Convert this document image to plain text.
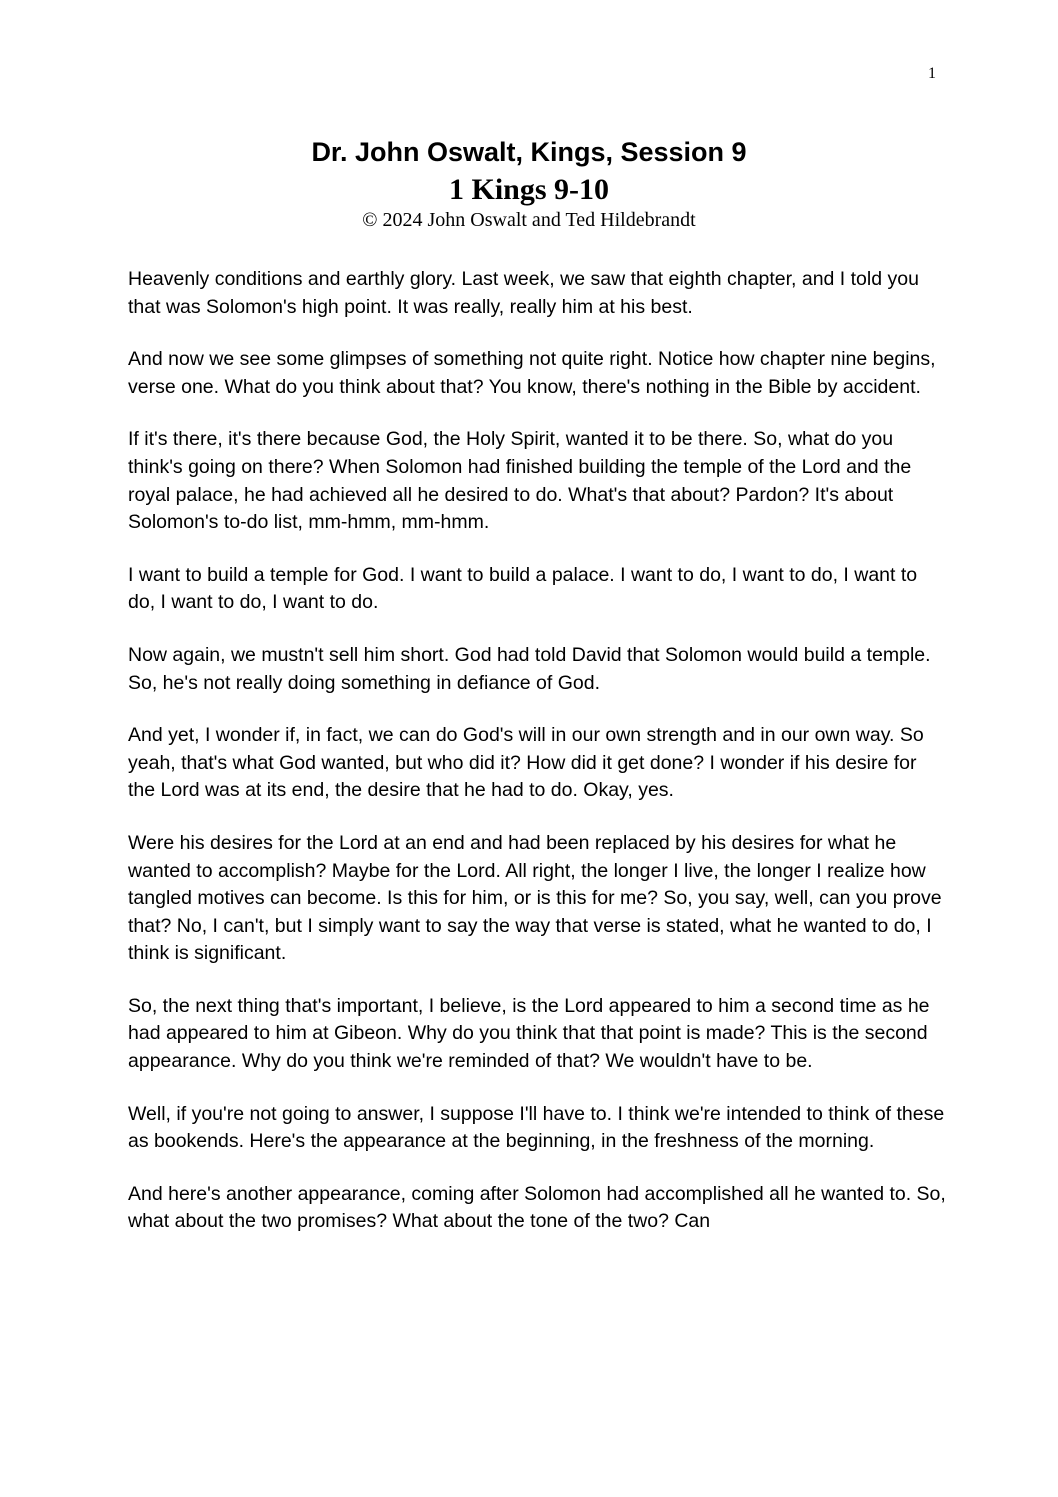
1
Dr. John Oswalt, Kings, Session 9
1 Kings 9-10
© 2024 John Oswalt and Ted Hildebrandt

Heavenly conditions and earthly glory. Last week, we saw that eighth chapter, and I told you that was Solomon's high point. It was really, really him at his best.

And now we see some glimpses of something not quite right. Notice how chapter nine begins, verse one. What do you think about that? You know, there's nothing in the Bible by accident.

If it's there, it's there because God, the Holy Spirit, wanted it to be there. So, what do you think's going on there? When Solomon had finished building the temple of the Lord and the royal palace, he had achieved all he desired to do. What's that about? Pardon? It's about Solomon's to-do list, mm-hmm, mm-hmm.

I want to build a temple for God. I want to build a palace. I want to do, I want to do, I want to do, I want to do, I want to do.

Now again, we mustn't sell him short. God had told David that Solomon would build a temple. So, he's not really doing something in defiance of God.

And yet, I wonder if, in fact, we can do God's will in our own strength and in our own way. So yeah, that's what God wanted, but who did it? How did it get done? I wonder if his desire for the Lord was at its end, the desire that he had to do. Okay, yes.

Were his desires for the Lord at an end and had been replaced by his desires for what he wanted to accomplish? Maybe for the Lord. All right, the longer I live, the longer I realize how tangled motives can become. Is this for him, or is this for me? So, you say, well, can you prove that? No, I can't, but I simply want to say the way that verse is stated, what he wanted to do, I think is significant.

So, the next thing that's important, I believe, is the Lord appeared to him a second time as he had appeared to him at Gibeon. Why do you think that that point is made? This is the second appearance. Why do you think we're reminded of that? We wouldn't have to be.

Well, if you're not going to answer, I suppose I'll have to. I think we're intended to think of these as bookends. Here's the appearance at the beginning, in the freshness of the morning.

And here's another appearance, coming after Solomon had accomplished all he wanted to. So, what about the two promises? What about the tone of the two? Can
